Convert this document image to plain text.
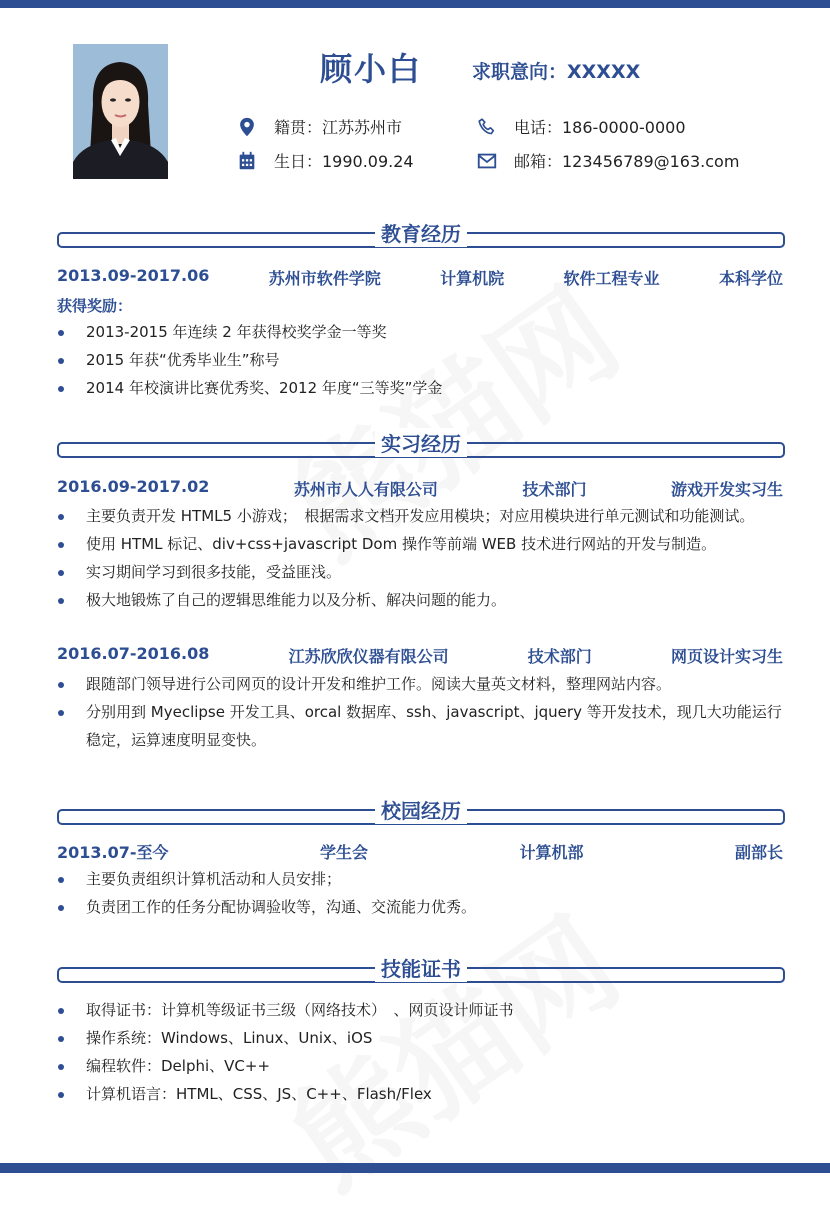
顾小白	求职意向：XXXXX
籍贯：江苏苏州市
生日：1990.09.24
电话：186-0000-0000
邮箱：123456789@163.com
教育经历
2013.09-2017.06	苏州市软件学院	计算机院	软件工程专业	本科学位
获得奖励：
2013-2015 年连续 2 年获得校奖学金一等奖
2015 年获“优秀毕业生”称号
2014 年校演讲比赛优秀奖、2012 年度“三等奖”学金
实习经历
2016.09-2017.02	苏州市人人有限公司	技术部门	游戏开发实习生
主要负责开发 HTML5 小游戏；　根据需求文档开发应用模块；对应用模块进行单元测试和功能测试。
使用 HTML 标记、div+css+javascript Dom 操作等前端 WEB 技术进行网站的开发与制造。
实习期间学习到很多技能，受益匪浅。
极大地锻炼了自己的逻辑思维能力以及分析、解决问题的能力。
2016.07-2016.08	江苏欣欣仪器有限公司	技术部门	网页设计实习生
跟随部门领导进行公司网页的设计开发和维护工作。阅读大量英文材料，整理网站内容。
分别用到 Myeclipse 开发工具、orcal 数据库、ssh、javascript、jquery 等开发技术，现几大功能运行稳定，运算速度明显变快。
校园经历
2013.07-至今	学生会	计算机部	副部长
主要负责组织计算机活动和人员安排；
负责团工作的任务分配协调验收等，沟通、交流能力优秀。
技能证书
取得证书：计算机等级证书三级（网络技术）　、网页设计师证书
操作系统：Windows、Linux、Unix、iOS
编程软件：Delphi、VC++
计算机语言：HTML、CSS、JS、C++、Flash/Flex
